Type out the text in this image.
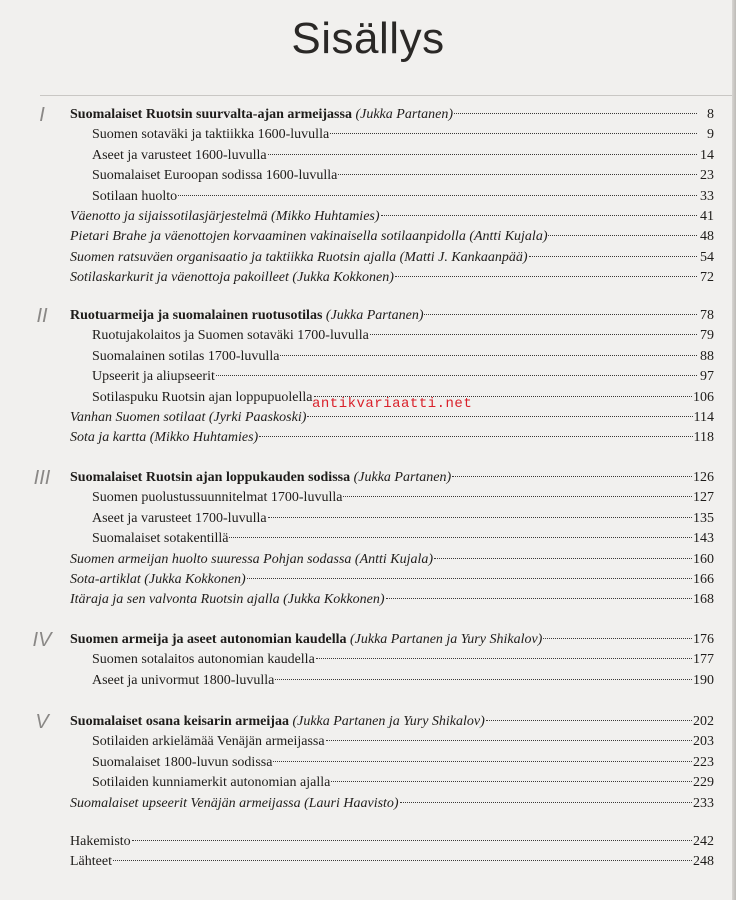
Sisällys
I	Suomalaiset Ruotsin suurvalta-ajan armeijassa (Jukka Partanen)	8
Suomen sotaväki ja taktiikka 1600-luvulla	9
Aseet ja varusteet 1600-luvulla	14
Suomalaiset Euroopan sodissa 1600-luvulla	23
Sotilaan huolto	33
Väenotto ja sijaissotilasjärjestelmä (Mikko Huhtamies)	41
Pietari Brahe ja väenottojen korvaaminen vakinaisella sotilaanpidolla (Antti Kujala)	48
Suomen ratsuväen organisaatio ja taktiikka Ruotsin ajalla (Matti J. Kankaanpää)	54
Sotilaskarkurit ja väenottoja pakoilleet (Jukka Kokkonen)	72
II	Ruotuarmeija ja suomalainen ruotusotilas (Jukka Partanen)	78
Ruotujakolaitos ja Suomen sotaväki 1700-luvulla	79
Suomalainen sotilas 1700-luvulla	88
Upseerit ja aliupseerit	97
Sotilaspuku Ruotsin ajan loppupuolella	106
Vanhan Suomen sotilaat (Jyrki Paaskoski)	114
Sota ja kartta (Mikko Huhtamies)	118
III	Suomalaiset Ruotsin ajan loppukauden sodissa (Jukka Partanen)	126
Suomen puolustussuunnitelmat 1700-luvulla	127
Aseet ja varusteet 1700-luvulla	135
Suomalaiset sotakentillä	143
Suomen armeijan huolto suuressa Pohjan sodassa (Antti Kujala)	160
Sota-artiklat (Jukka Kokkonen)	166
Itäraja ja sen valvonta Ruotsin ajalla (Jukka Kokkonen)	168
IV	Suomen armeija ja aseet autonomian kaudella (Jukka Partanen ja Yury Shikalov)	176
Suomen sotalaitos autonomian kaudella	177
Aseet ja univormut 1800-luvulla	190
V	Suomalaiset osana keisarin armeijaa (Jukka Partanen ja Yury Shikalov)	202
Sotilaiden arkielämää Venäjän armeijassa	203
Suomalaiset 1800-luvun sodissa	223
Sotilaiden kunniamerkit autonomian ajalla	229
Suomalaiset upseerit Venäjän armeijassa (Lauri Haavisto)	233
Hakemisto	242
Lähteet	248
antikvariaatti.net
